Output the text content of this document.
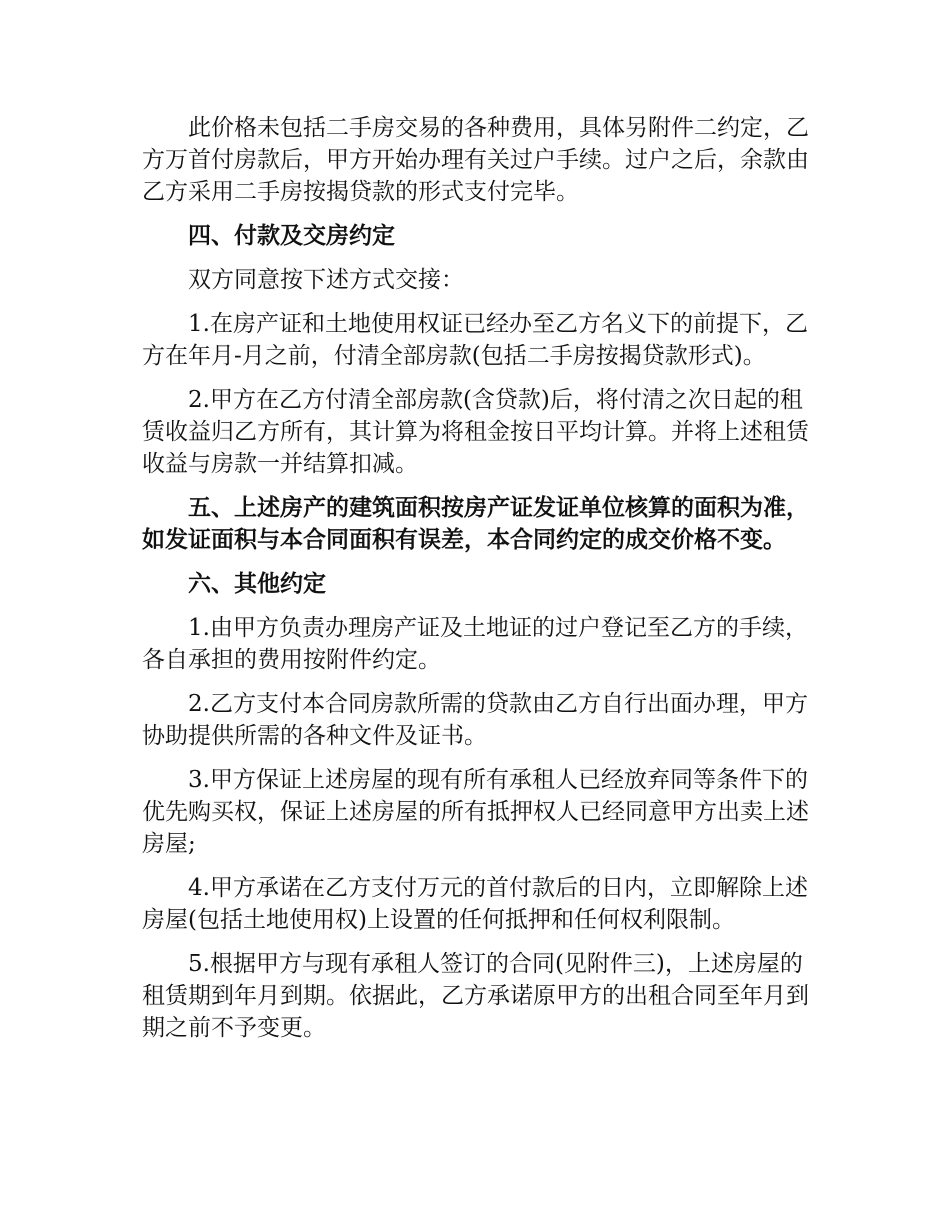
此价格未包括二手房交易的各种费用，具体另附件二约定，乙方万首付房款后，甲方开始办理有关过户手续。过户之后，余款由乙方采用二手房按揭贷款的形式支付完毕。

四、付款及交房约定

双方同意按下述方式交接：

1.在房产证和土地使用权证已经办至乙方名义下的前提下，乙方在年月-月之前，付清全部房款(包括二手房按揭贷款形式)。

2.甲方在乙方付清全部房款(含贷款)后，将付清之次日起的租赁收益归乙方所有，其计算为将租金按日平均计算。并将上述租赁收益与房款一并结算扣减。

五、上述房产的建筑面积按房产证发证单位核算的面积为准，如发证面积与本合同面积有误差，本合同约定的成交价格不变。

六、其他约定

1.由甲方负责办理房产证及土地证的过户登记至乙方的手续，各自承担的费用按附件约定。

2.乙方支付本合同房款所需的贷款由乙方自行出面办理，甲方协助提供所需的各种文件及证书。

3.甲方保证上述房屋的现有所有承租人已经放弃同等条件下的优先购买权，保证上述房屋的所有抵押权人已经同意甲方出卖上述房屋;

4.甲方承诺在乙方支付万元的首付款后的日内，立即解除上述房屋(包括土地使用权)上设置的任何抵押和任何权利限制。

5.根据甲方与现有承租人签订的合同(见附件三)，上述房屋的租赁期到年月到期。依据此，乙方承诺原甲方的出租合同至年月到期之前不予变更。
